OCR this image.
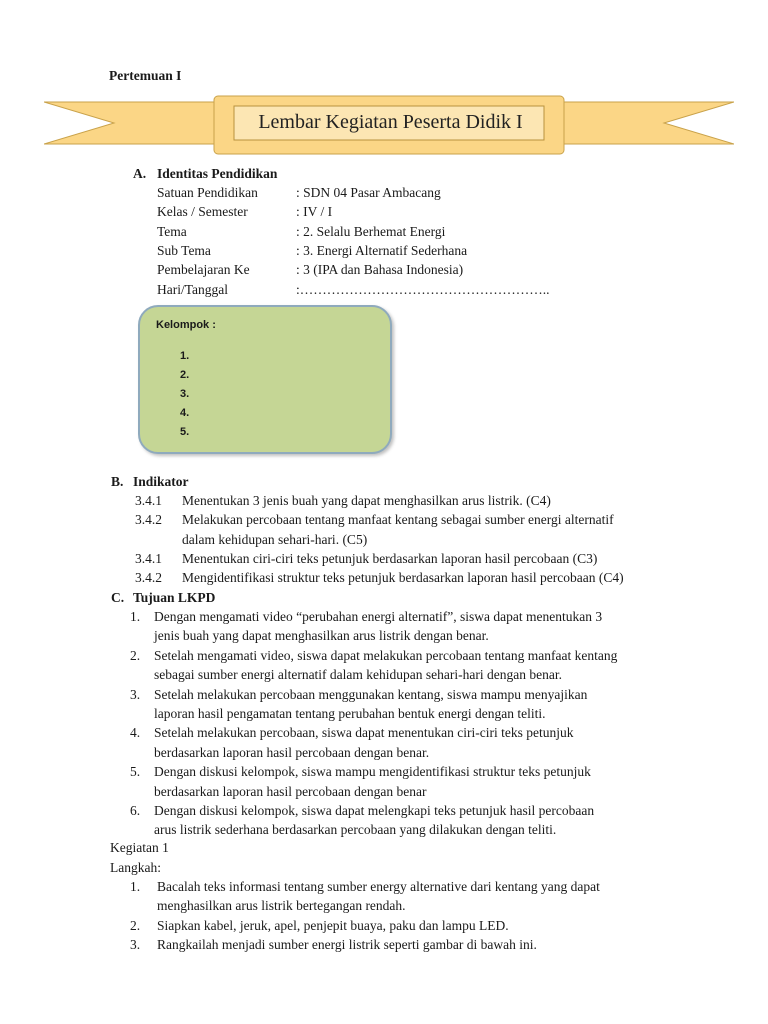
Pertemuan I
Lembar Kegiatan Peserta Didik I
A. Identitas Pendidikan
Satuan Pendidikan	: SDN 04 Pasar Ambacang
Kelas / Semester	: IV / I
Tema	: 2. Selalu Berhemat Energi
Sub Tema	: 3. Energi Alternatif Sederhana
Pembelajaran Ke	: 3 (IPA dan Bahasa Indonesia)
Hari/Tanggal	:………………………………………………..
Kelompok :
1.
2.
3.
4.
5.
B. Indikator
3.4.1 Menentukan 3 jenis buah yang dapat menghasilkan arus listrik. (C4)
3.4.2 Melakukan percobaan tentang manfaat kentang sebagai sumber energi alternatif
dalam kehidupan sehari-hari. (C5)
3.4.1 Menentukan ciri-ciri teks petunjuk berdasarkan laporan hasil percobaan (C3)
3.4.2 Mengidentifikasi struktur teks petunjuk berdasarkan laporan hasil percobaan (C4)
C. Tujuan LKPD
1. Dengan mengamati video “perubahan energi alternatif”, siswa dapat menentukan 3
jenis buah yang dapat menghasilkan arus listrik dengan benar.
2. Setelah mengamati video, siswa dapat melakukan percobaan tentang manfaat kentang
sebagai sumber energi alternatif dalam kehidupan sehari-hari dengan benar.
3. Setelah melakukan percobaan menggunakan kentang, siswa mampu menyajikan
laporan hasil pengamatan tentang perubahan bentuk energi dengan teliti.
4. Setelah melakukan percobaan, siswa dapat menentukan ciri-ciri teks petunjuk
berdasarkan laporan hasil percobaan dengan benar.
5. Dengan diskusi kelompok, siswa mampu mengidentifikasi struktur teks petunjuk
berdasarkan laporan hasil percobaan dengan benar
6. Dengan diskusi kelompok, siswa dapat melengkapi teks petunjuk hasil percobaan
arus listrik sederhana berdasarkan percobaan yang dilakukan dengan teliti.
Kegiatan 1
Langkah:
1. Bacalah teks informasi tentang sumber energy alternative dari kentang yang dapat
menghasilkan arus listrik bertegangan rendah.
2. Siapkan kabel, jeruk, apel, penjepit buaya, paku dan lampu LED.
3. Rangkailah menjadi sumber energi listrik seperti gambar di bawah ini.
